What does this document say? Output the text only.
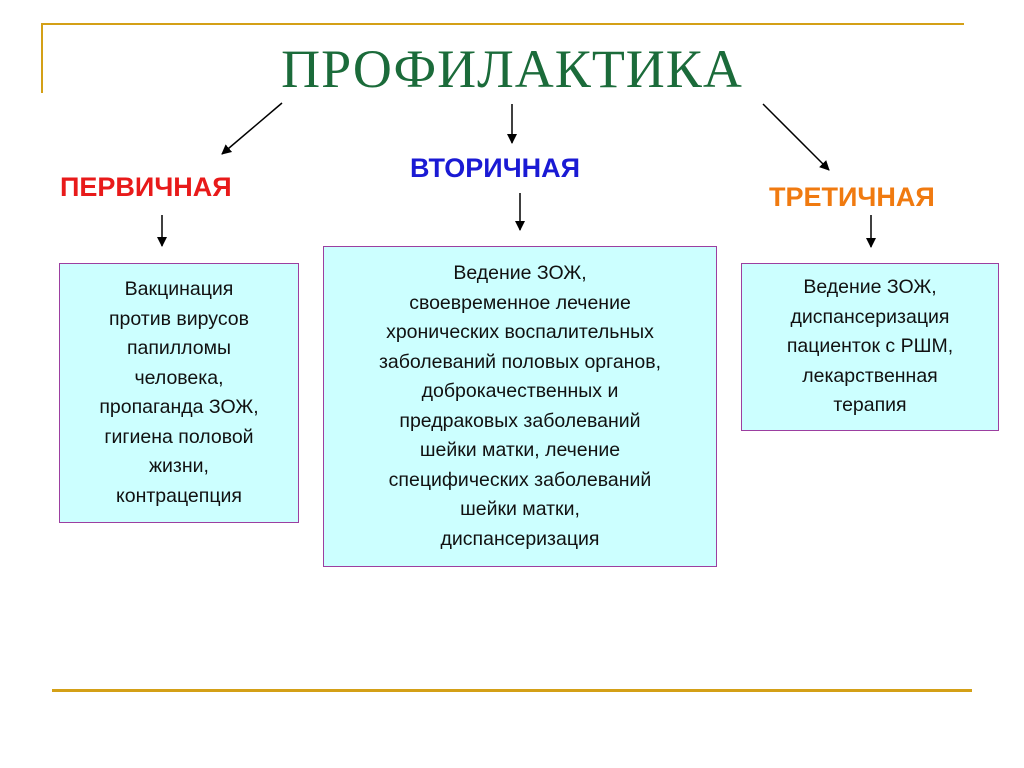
ПРОФИЛАКТИКА
ПЕРВИЧНАЯ
ВТОРИЧНАЯ
ТРЕТИЧНАЯ
Вакцинация
против вирусов
папилломы
человека,
пропаганда ЗОЖ,
гигиена половой
жизни,
контрацепция
Ведение ЗОЖ,
своевременное лечение
хронических воспалительных
заболеваний половых органов,
доброкачественных и
предраковых заболеваний
шейки матки, лечение
специфических заболеваний
шейки матки,
диспансеризация
Ведение ЗОЖ,
диспансеризация
пациенток с РШМ,
лекарственная
терапия
